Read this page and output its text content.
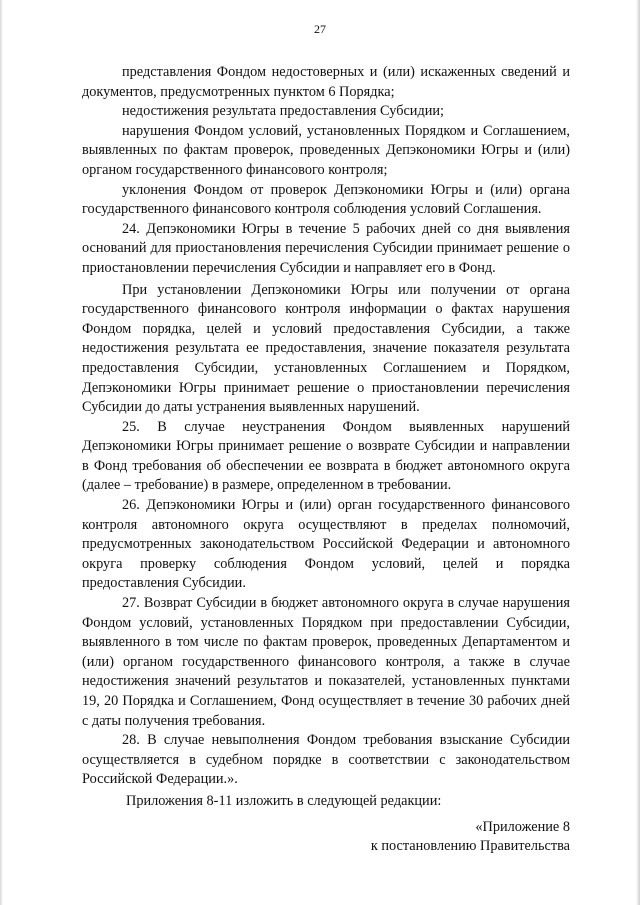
27

представления Фондом недостоверных и (или) искаженных сведений и документов, предусмотренных пунктом 6 Порядка;

недостижения результата предоставления Субсидии;

нарушения Фондом условий, установленных Порядком и Соглашением, выявленных по фактам проверок, проведенных Депэкономики Югры и (или) органом государственного финансового контроля;

уклонения Фондом от проверок Депэкономики Югры и (или) органа государственного финансового контроля соблюдения условий Соглашения.

24. Депэкономики Югры в течение 5 рабочих дней со дня выявления оснований для приостановления перечисления Субсидии принимает решение о приостановлении перечисления Субсидии и направляет его в Фонд.

При установлении Депэкономики Югры или получении от органа государственного финансового контроля информации о фактах нарушения Фондом порядка, целей и условий предоставления Субсидии, а также недостижения результата ее предоставления, значение показателя результата предоставления Субсидии, установленных Соглашением и Порядком, Депэкономики Югры принимает решение о приостановлении перечисления Субсидии до даты устранения выявленных нарушений.

25. В случае неустранения Фондом выявленных нарушений Депэкономики Югры принимает решение о возврате Субсидии и направлении в Фонд требования об обеспечении ее возврата в бюджет автономного округа (далее – требование) в размере, определенном в требовании.

26. Депэкономики Югры и (или) орган государственного финансового контроля автономного округа осуществляют в пределах полномочий, предусмотренных законодательством Российской Федерации и автономного округа проверку соблюдения Фондом условий, целей и порядка предоставления Субсидии.

27. Возврат Субсидии в бюджет автономного округа в случае нарушения Фондом условий, установленных Порядком при предоставлении Субсидии, выявленного в том числе по фактам проверок, проведенных Департаментом и (или) органом государственного финансового контроля, а также в случае недостижения значений результатов и показателей, установленных пунктами 19, 20 Порядка и Соглашением, Фонд осуществляет в течение 30 рабочих дней с даты получения требования.

28. В случае невыполнения Фондом требования взыскание Субсидии осуществляется в судебном порядке в соответствии с законодательством Российской Федерации.».

Приложения 8-11 изложить в следующей редакции:

«Приложение 8
к постановлению Правительства
